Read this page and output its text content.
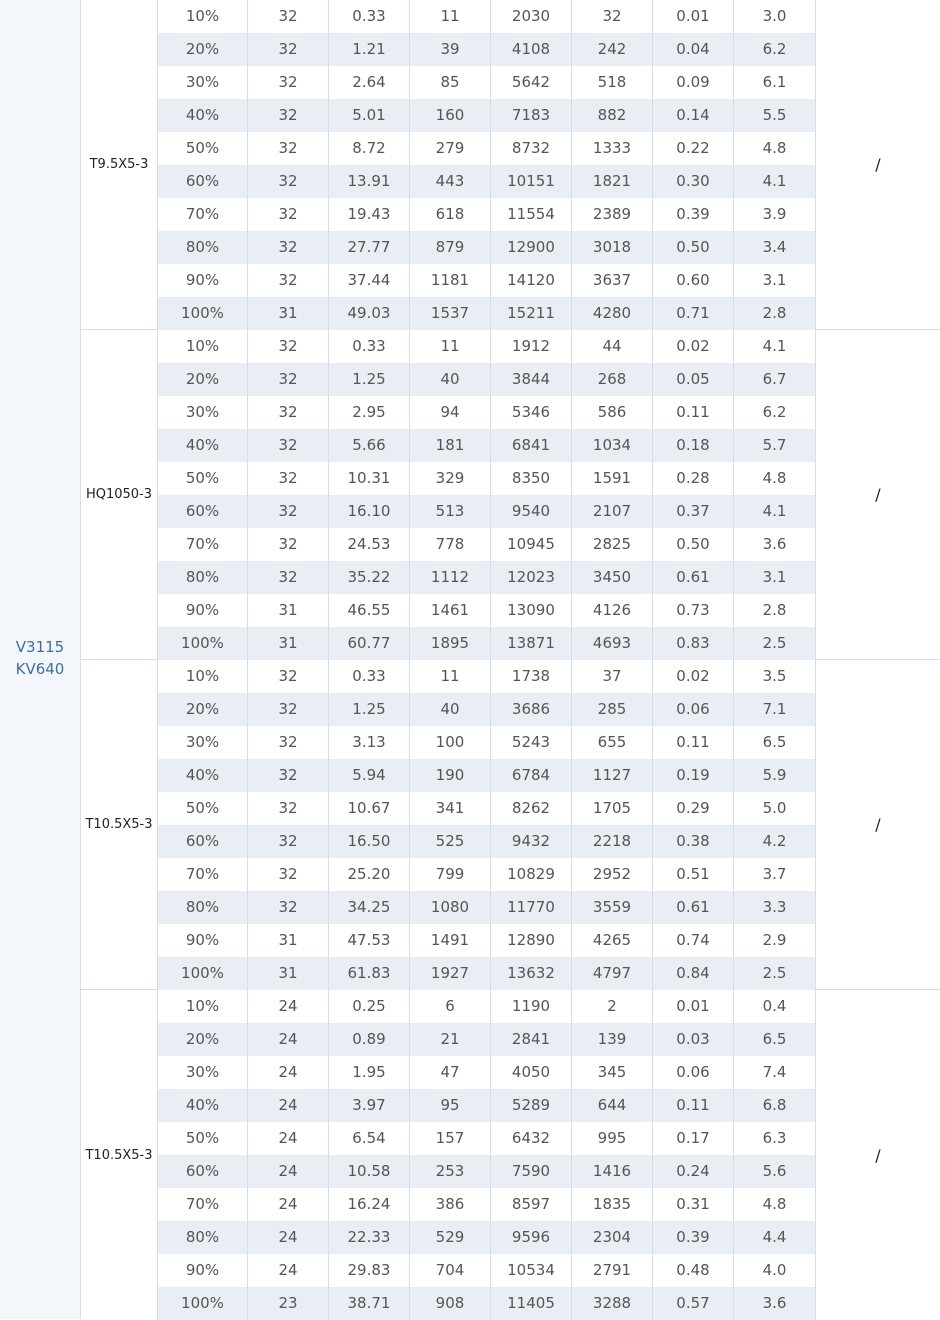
V3115
KV640
T9.5X5-3
10%	32	0.33	11	2030	32	0.01	3.0
20%	32	1.21	39	4108	242	0.04	6.2
30%	32	2.64	85	5642	518	0.09	6.1
40%	32	5.01	160	7183	882	0.14	5.5
50%	32	8.72	279	8732	1333	0.22	4.8
60%	32	13.91	443	10151	1821	0.30	4.1
70%	32	19.43	618	11554	2389	0.39	3.9
80%	32	27.77	879	12900	3018	0.50	3.4
90%	32	37.44	1181	14120	3637	0.60	3.1
100%	31	49.03	1537	15211	4280	0.71	2.8
/
HQ1050-3
10%	32	0.33	11	1912	44	0.02	4.1
20%	32	1.25	40	3844	268	0.05	6.7
30%	32	2.95	94	5346	586	0.11	6.2
40%	32	5.66	181	6841	1034	0.18	5.7
50%	32	10.31	329	8350	1591	0.28	4.8
60%	32	16.10	513	9540	2107	0.37	4.1
70%	32	24.53	778	10945	2825	0.50	3.6
80%	32	35.22	1112	12023	3450	0.61	3.1
90%	31	46.55	1461	13090	4126	0.73	2.8
100%	31	60.77	1895	13871	4693	0.83	2.5
/
T10.5X5-3
10%	32	0.33	11	1738	37	0.02	3.5
20%	32	1.25	40	3686	285	0.06	7.1
30%	32	3.13	100	5243	655	0.11	6.5
40%	32	5.94	190	6784	1127	0.19	5.9
50%	32	10.67	341	8262	1705	0.29	5.0
60%	32	16.50	525	9432	2218	0.38	4.2
70%	32	25.20	799	10829	2952	0.51	3.7
80%	32	34.25	1080	11770	3559	0.61	3.3
90%	31	47.53	1491	12890	4265	0.74	2.9
100%	31	61.83	1927	13632	4797	0.84	2.5
/
T10.5X5-3
10%	24	0.25	6	1190	2	0.01	0.4
20%	24	0.89	21	2841	139	0.03	6.5
30%	24	1.95	47	4050	345	0.06	7.4
40%	24	3.97	95	5289	644	0.11	6.8
50%	24	6.54	157	6432	995	0.17	6.3
60%	24	10.58	253	7590	1416	0.24	5.6
70%	24	16.24	386	8597	1835	0.31	4.8
80%	24	22.33	529	9596	2304	0.39	4.4
90%	24	29.83	704	10534	2791	0.48	4.0
100%	23	38.71	908	11405	3288	0.57	3.6
/
